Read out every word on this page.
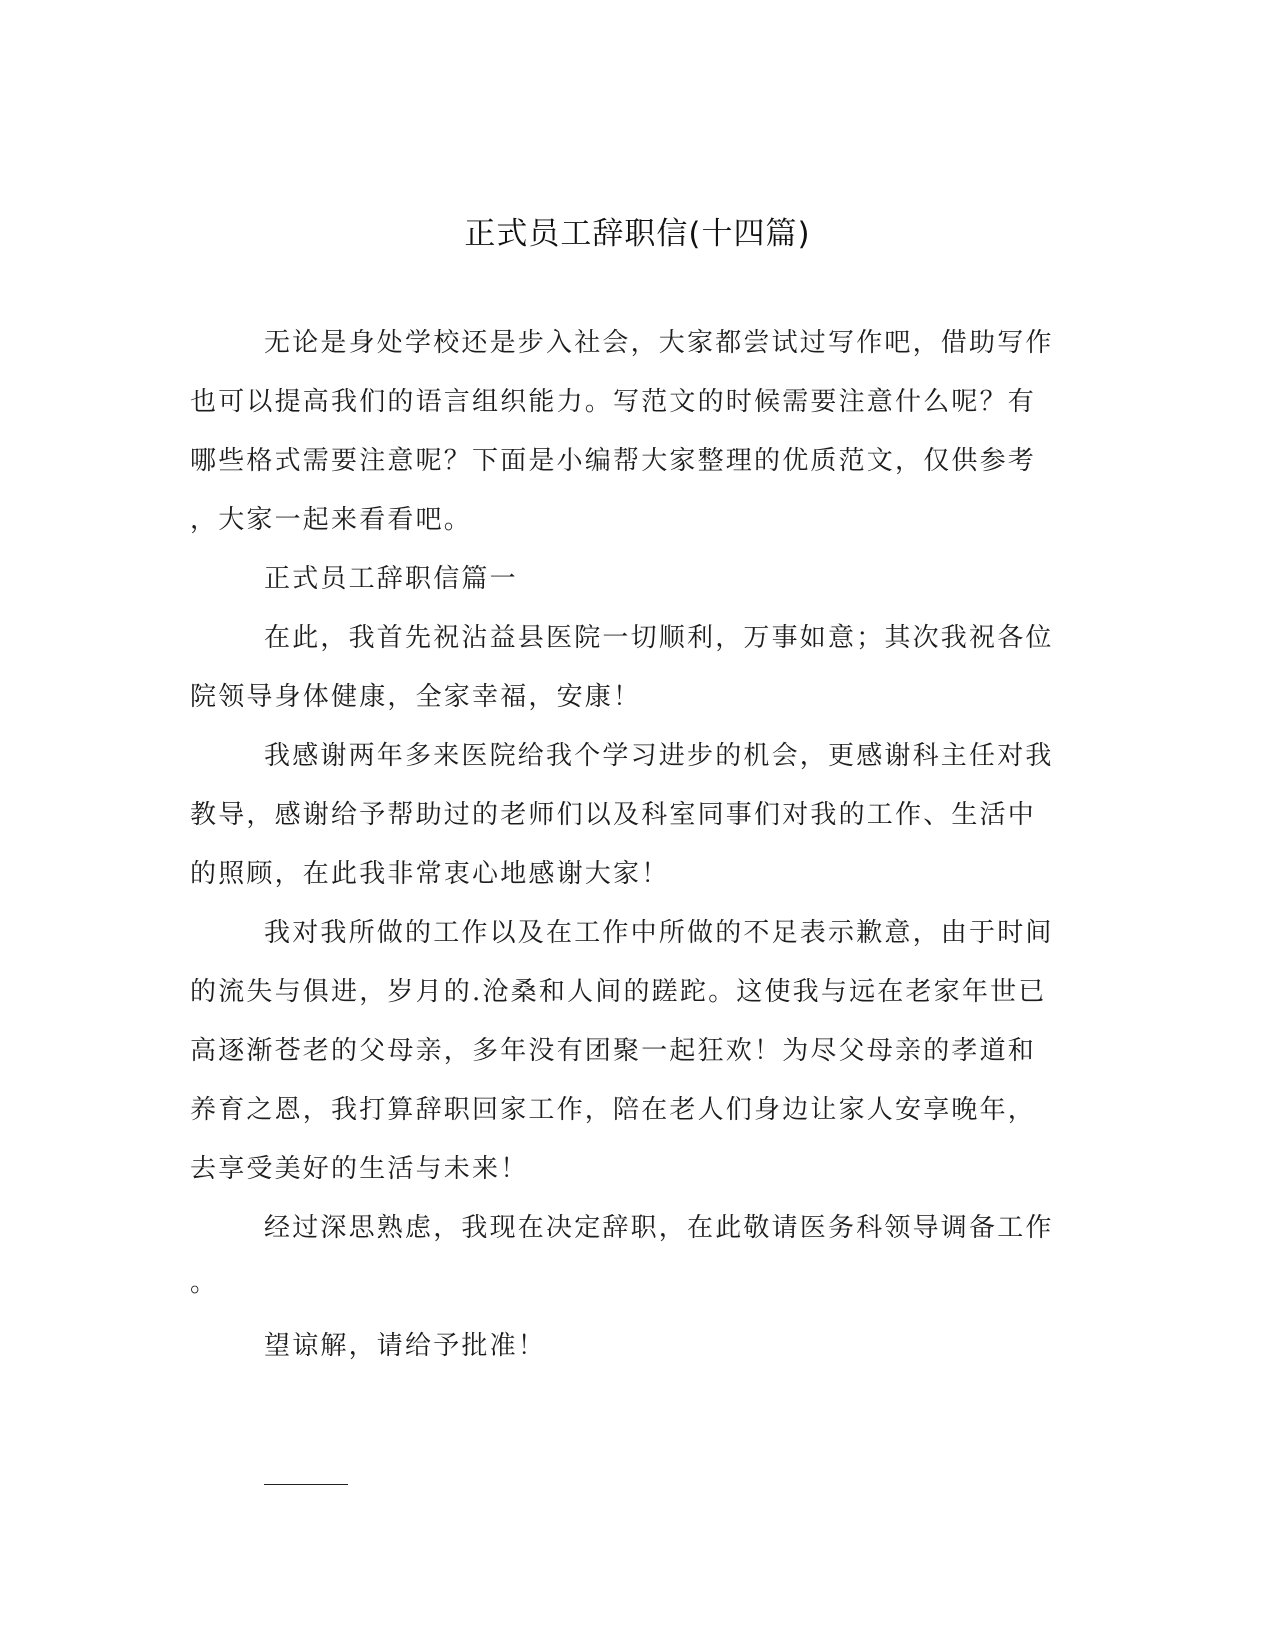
正式员工辞职信(十四篇)
无论是身处学校还是步入社会，大家都尝试过写作吧，借助写作
也可以提高我们的语言组织能力。写范文的时候需要注意什么呢？有
哪些格式需要注意呢？下面是小编帮大家整理的优质范文，仅供参考
，大家一起来看看吧。
正式员工辞职信篇一
在此，我首先祝沾益县医院一切顺利，万事如意；其次我祝各位
院领导身体健康，全家幸福，安康！
我感谢两年多来医院给我个学习进步的机会，更感谢科主任对我
教导，感谢给予帮助过的老师们以及科室同事们对我的工作、生活中
的照顾，在此我非常衷心地感谢大家！
我对我所做的工作以及在工作中所做的不足表示歉意，由于时间
的流失与俱进，岁月的.沧桑和人间的蹉跎。这使我与远在老家年世已
高逐渐苍老的父母亲，多年没有团聚一起狂欢！为尽父母亲的孝道和
养育之恩，我打算辞职回家工作，陪在老人们身边让家人安享晚年，
去享受美好的生活与未来！
经过深思熟虑，我现在决定辞职，在此敬请医务科领导调备工作
。
望谅解，请给予批准！
